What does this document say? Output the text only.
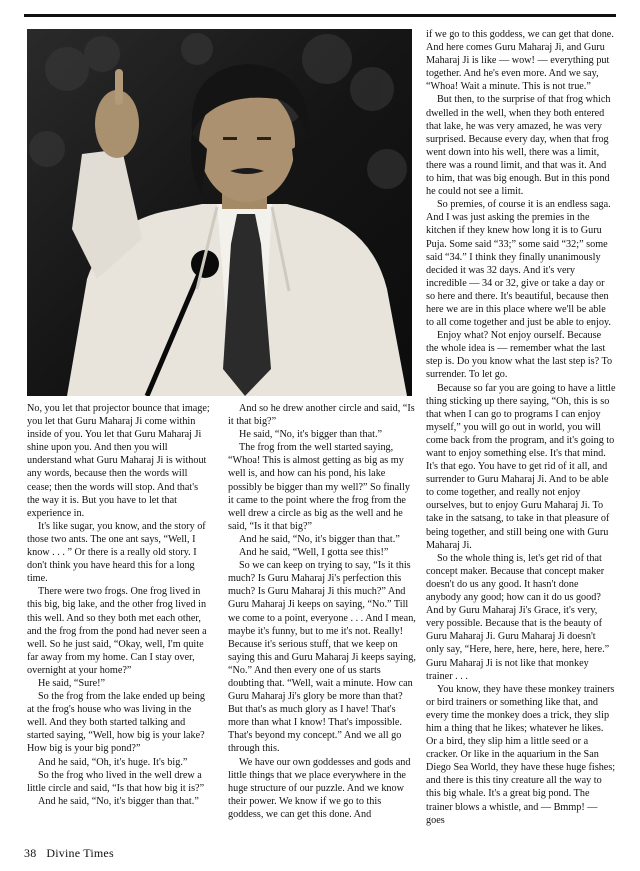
No, you let that projector bounce that image; you let that Guru Maharaj Ji come within inside of you. You let that Guru Maharaj Ji shine upon you. And then you will understand what Guru Maharaj Ji is without any words, because then the words will cease; then the words will stop. And that's the way it is. But you have to let that experience in.

It's like sugar, you know, and the story of those two ants. The one ant says, “Well, I know . . . ” Or there is a really old story. I don't think you have heard this for a long time.

There were two frogs. One frog lived in this big, big lake, and the other frog lived in this well. And so they both met each other, and the frog from the pond had never seen a well. So he just said, “Okay, well, I'm quite far away from my home. Can I stay over, overnight at your home?”

He said, “Sure!”

So the frog from the lake ended up being at the frog's house who was living in the well. And they both started talking and started saying, “Well, how big is your lake? How big is your big pond?”

And he said, “Oh, it's huge. It's big.”

So the frog who lived in the well drew a little circle and said, “Is that how big it is?”

And he said, “No, it's bigger than that.”

And so he drew another circle and said, “Is it that big?”

He said, “No, it's bigger than that.”

The frog from the well started saying, “Whoa! This is almost getting as big as my well is, and how can his pond, his lake possibly be bigger than my well?” So finally it came to the point where the frog from the well drew a circle as big as the well and he said, “Is it that big?”

And he said, “No, it's bigger than that.”

And he said, “Well, I gotta see this!”

So we can keep on trying to say, “Is it this much? Is Guru Maharaj Ji's perfection this much? Is Guru Maharaj Ji this much?” And Guru Maharaj Ji keeps on saying, “No.” Till we come to a point, everyone . . . And I mean, maybe it's funny, but to me it's not. Really! Because it's serious stuff, that we keep on saying this and Guru Maharaj Ji keeps saying, “No.” And then every one of us starts doubting that. “Well, wait a minute. How can Guru Maharaj Ji's glory be more than that? But that's as much glory as I have! That's more than what I know! That's impossible. That's beyond my concept.” And we all go through this.

We have our own goddesses and gods and little things that we place everywhere in the huge structure of our puzzle. And we know their power. We know if we go to this goddess, we can get this done. And

if we go to this goddess, we can get that done. And here comes Guru Maharaj Ji, and Guru Maharaj Ji is like — wow! — everything put together. And he's even more. And we say, “Whoa! Wait a minute. This is not true.”

But then, to the surprise of that frog which dwelled in the well, when they both entered that lake, he was very amazed, he was very surprised. Because every day, when that frog went down into his well, there was a limit, there was a round limit, and that was it. And to him, that was big enough. But in this pond he could not see a limit.

So premies, of course it is an endless saga. And I was just asking the premies in the kitchen if they knew how long it is to Guru Puja. Some said “33;” some said “32;” some said “34.” I think they finally unanimously decided it was 32 days. And it's very incredible — 34 or 32, give or take a day or so here and there. It's beautiful, because then here we are in this place where we'll be able to all come together and just be able to enjoy.

Enjoy what? Not enjoy ourself. Because the whole idea is — remember what the last step is. Do you know what the last step is? To surrender. To let go.

Because so far you are going to have a little thing sticking up there saying, “Oh, this is so that when I can go to programs I can enjoy myself,” you will go out in world, you will come back from the program, and it's going to want to enjoy something else. It's that mind. It's that ego. You have to get rid of it all, and surrender to Guru Maharaj Ji. And to be able to come together, and really not enjoy ourselves, but to enjoy Guru Maharaj Ji. To take in the satsang, to take in that pleasure of being together, and still being one with Guru Maharaj Ji.

So the whole thing is, let's get rid of that concept maker. Because that concept maker doesn't do us any good. It hasn't done anybody any good; how can it do us good? And by Guru Maharaj Ji's Grace, it's very, very possible. Because that is the beauty of Guru Maharaj Ji. Guru Maharaj Ji doesn't only say, “Here, here, here, here, here, here.” Guru Maharaj Ji is not like that monkey trainer . . .

You know, they have these monkey trainers or bird trainers or something like that, and every time the monkey does a trick, they slip him a thing that he likes; whatever he likes. Or a bird, they slip him a little seed or a cracker. Or like in the aquarium in the San Diego Sea World, they have these huge fishes; and there is this tiny creature all the way to this big whale. It's a great big pond. The trainer blows a whistle, and — Bmmp! — goes

38 Divine Times
